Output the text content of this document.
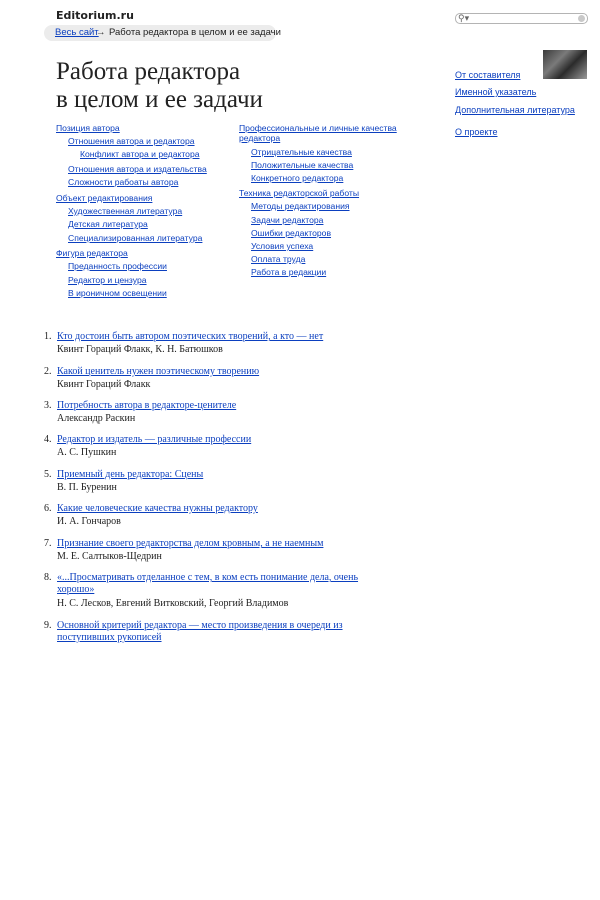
Editorium.ru
Весь сайт
→ Работа редактора в целом и ее задачи
⚲▾
Работа редактора
в целом и ее задачи
От составителя
Именной указатель
Дополнительная литература
О проекте
Позиция автора
Отношения автора и редактора
Конфликт автора и редактора
Отношения автора и издательства
Сложности рабоаты автора
Объект редактирования
Художественная литература
Детская литература
Специализированная литература
Фигура редактора
Преданность профессии
Редактор и цензура
В ироничном освещении
Профессиональные и личные качества
редактора
Отрицательные качества
Положительные качества
Конкретного редактора
Техника редакторской работы
Методы редактирования
Задачи редактора
Ошибки редакторов
Условия успеха
Оплата труда
Работа в редакции
1. Кто достоин быть автором поэтических творений, а кто — нет
Квинт Гораций Флакк, К. Н. Батюшков
2. Какой ценитель нужен поэтическому творению
Квинт Гораций Флакк
3. Потребность автора в редакторе-ценителе
Александр Раскин
4. Редактор и издатель — различные профессии
А. С. Пушкин
5. Приемный день редактора: Сцены
В. П. Буренин
6. Какие человеческие качества нужны редактору
И. А. Гончаров
7. Признание своего редакторства делом кровным, а не наемным
М. Е. Салтыков-Щедрин
8. «...Просматривать отделанное с тем, в ком есть понимание дела, очень хорошо»
Н. С. Лесков, Евгений Витковский, Георгий Владимов
9. Основной критерий редактора — место произведения в очереди из поступивших рукописей
